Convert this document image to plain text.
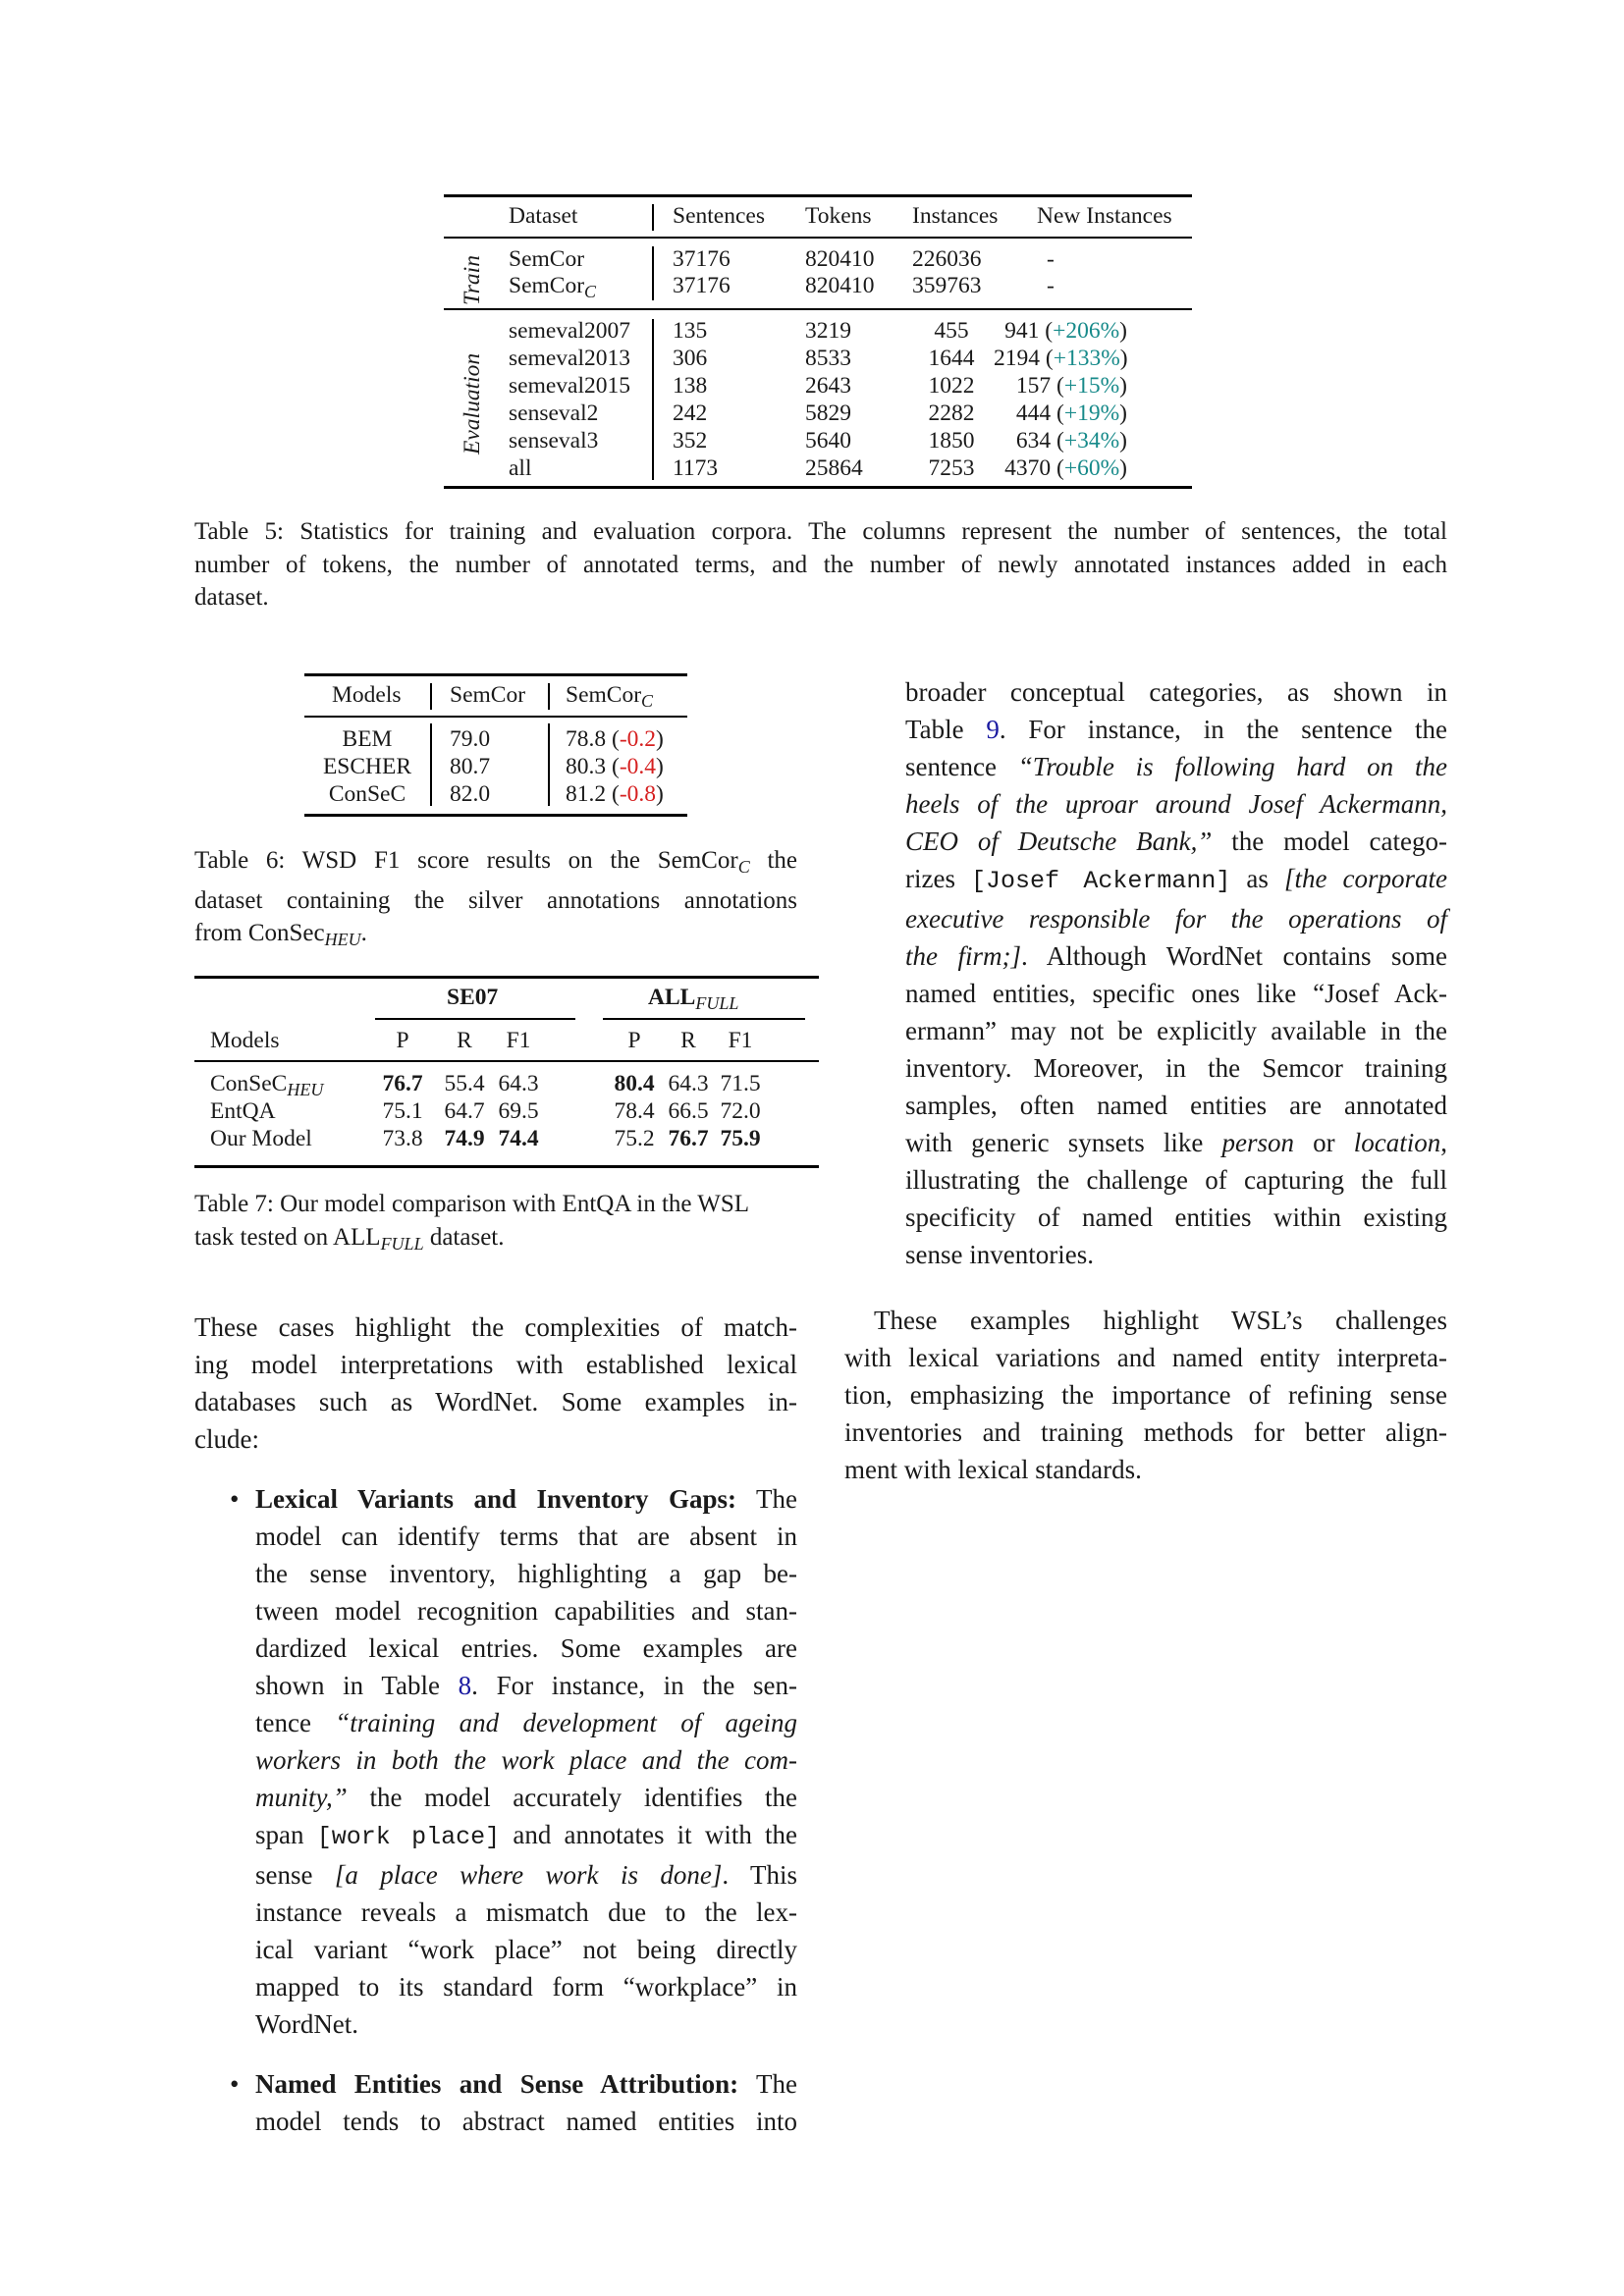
Dataset	Sentences Tokens Instances New Instances
Train
Evaluation
SemCor	37176	820410 226036	-
SemCor$_C$	37176	820410 359763	-
semeval2007 135	3219	455	941 (+206%)
semeval2013 306	8533	1644 2194 (+133%)
semeval2015 138	2643	1022	157 (+15%)
senseval2	242	5829	2282	444 (+19%)
senseval3	352	5640	1850	634 (+34%)
all	1173	25864	7253	4370 (+60%)
Table 5: Statistics for training and evaluation corpora. The columns represent the number of sentences, the total
number of tokens, the number of annotated terms, and the number of newly annotated instances added in each
dataset.
Models SemCor SemCor$_C$
BEM	79.0	78.8 (-0.2)
ESCHER	80.7	80.3 (-0.4)
ConSeC	82.0	81.2 (-0.8)
Table 6: WSD F1 score results on the SemCor$_C$ the
dataset containing the silver annotations annotations
from ConSec$_{HEU}$.
SE07	$ALL_{FULL}$
Models	P	R	F1	P	R	F1
ConSeC$_{HEU}$	76.7 55.4 64.3	80.4 64.3 71.5
EntQA	75.1 64.7 69.5	78.4 66.5 72.0
Our Model	73.8 74.9 74.4	75.2 76.7 75.9
Table 7: Our model comparison with EntQA in the WSL
task tested on $ALL_{FULL}$ dataset.
These cases highlight the complexities of match-
ing model interpretations with established lexical
databases such as WordNet. Some examples in-
clude:
• Lexical Variants and Inventory Gaps: The
model can identify terms that are absent in
the sense inventory, highlighting a gap be-
tween model recognition capabilities and stan-
dardized lexical entries. Some examples are
shown in Table 8. For instance, in the sen-
tence “training and development of ageing
workers in both the work place and the com-
munity,” the model accurately identifies the
span [work place] and annotates it with the
sense [a place where work is done]. This
instance reveals a mismatch due to the lex-
ical variant “work place” not being directly
mapped to its standard form “workplace” in
WordNet.
• Named Entities and Sense Attribution: The
model tends to abstract named entities into
broader conceptual categories, as shown in
Table 9. For instance, in the sentence the
sentence “Trouble is following hard on the
heels of the uproar around Josef Ackermann,
CEO of Deutsche Bank,” the model catego-
rizes [Josef Ackermann] as [the corporate
executive responsible for the operations of
the firm;]. Although WordNet contains some
named entities, specific ones like “Josef Ack-
ermann” may not be explicitly available in the
inventory. Moreover, in the Semcor training
samples, often named entities are annotated
with generic synsets like person or location,
illustrating the challenge of capturing the full
specificity of named entities within existing
sense inventories.
These examples highlight WSL’s challenges
with lexical variations and named entity interpreta-
tion, emphasizing the importance of refining sense
inventories and training methods for better align-
ment with lexical standards.
